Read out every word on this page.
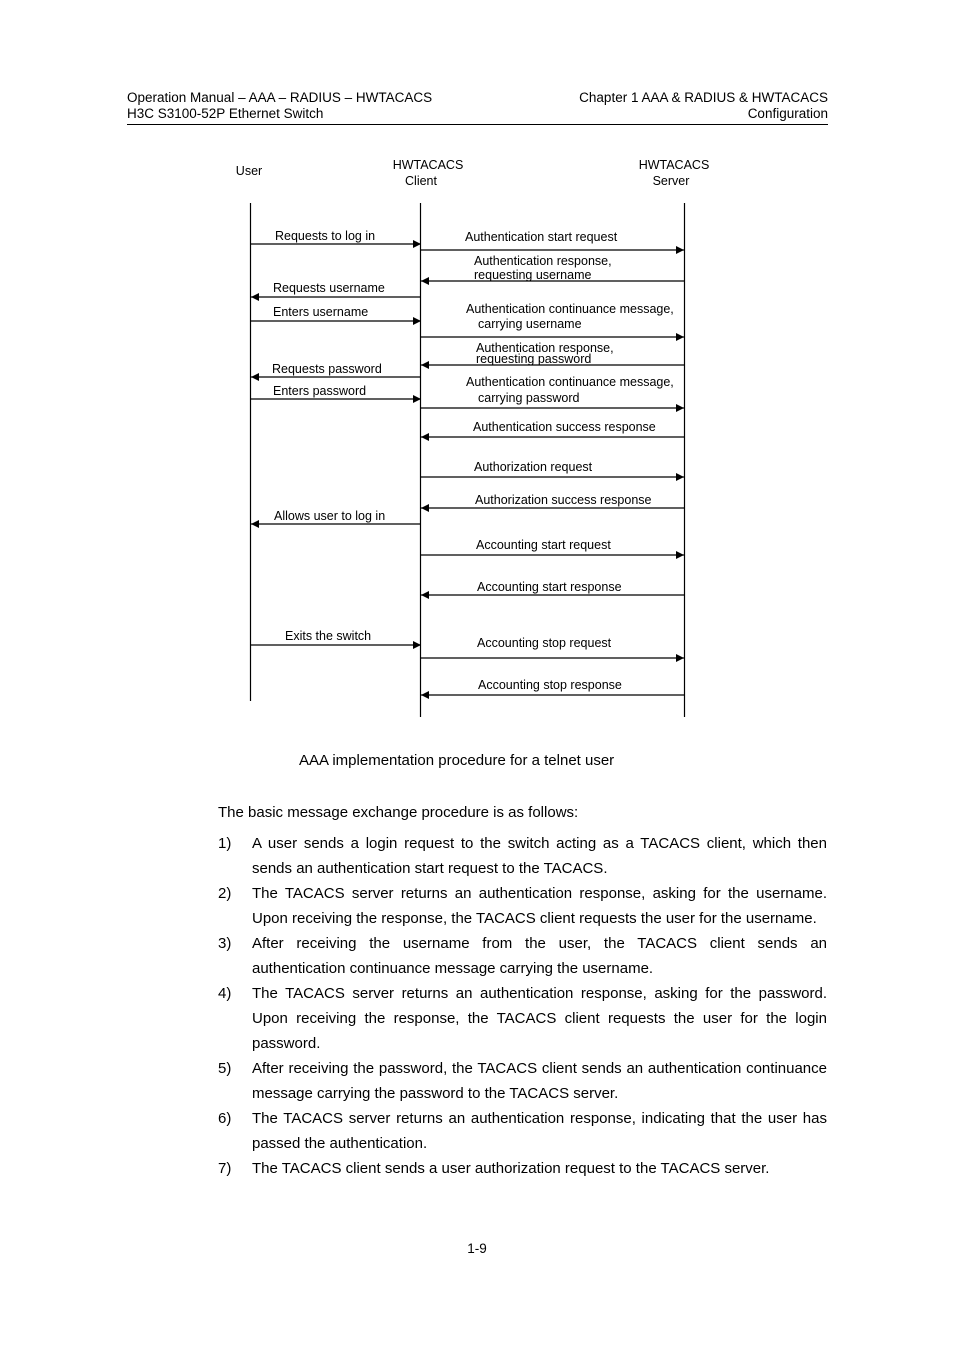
Operation Manual – AAA – RADIUS – HWTACACS
H3C S3100-52P Ethernet Switch
Chapter 1 AAA & RADIUS & HWTACACS
Configuration
User	HWTACACS
Client
HWTACACS
Server
Requests to log in	Authentication start request
Authentication response,
requesting username
Requests username
Enters username	Authentication continuance message,
carrying username
Authentication response,
requesting password
Requests password
Enters password
Authentication continuance message,
carrying password
Authentication success response
Authorization request
Authorization success response
Allows user to log in
Accounting start request
Accounting start response
Exits the switch	Accounting stop request
Accounting stop response
AAA implementation procedure for a telnet user
The basic message exchange procedure is as follows:
1) A user sends a login request to the switch acting as a TACACS client, which then sends an authentication start request to the TACACS.
2) The TACACS server returns an authentication response, asking for the username. Upon receiving the response, the TACACS client requests the user for the username.
3) After receiving the username from the user, the TACACS client sends an authentication continuance message carrying the username.
4) The TACACS server returns an authentication response, asking for the password. Upon receiving the response, the TACACS client requests the user for the login password.
5) After receiving the password, the TACACS client sends an authentication continuance message carrying the password to the TACACS server.
6) The TACACS server returns an authentication response, indicating that the user has passed the authentication.
7) The TACACS client sends a user authorization request to the TACACS server.
1-9
